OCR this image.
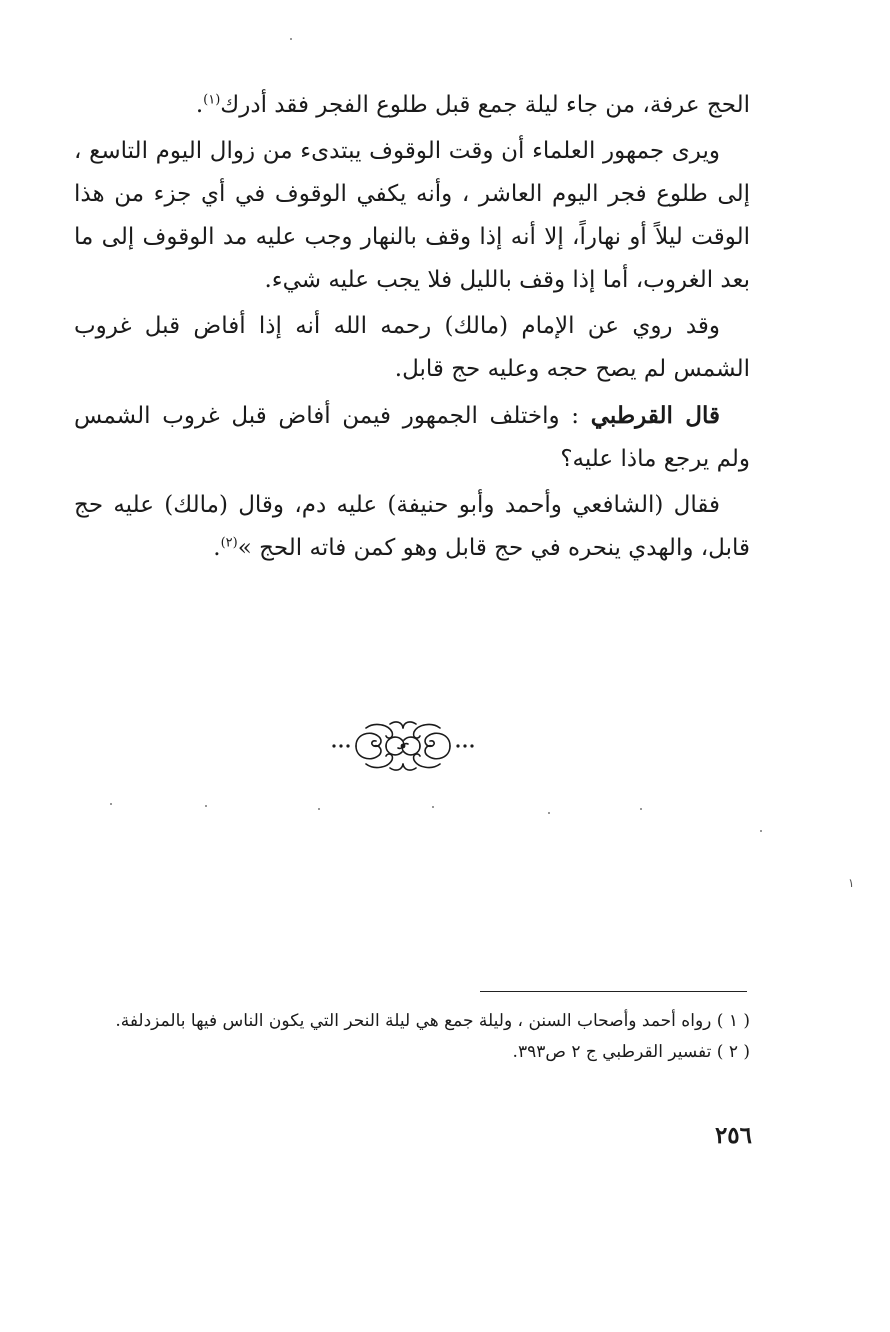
الحج عرفة، من جاء ليلة جمع قبل طلوع الفجر فقد أدرك$^{(١)}$.

ويرى جمهور العلماء أن وقت الوقوف يبتدىء من زوال اليوم التاسع ، إلى طلوع فجر اليوم العاشر ، وأنه يكفي الوقوف في أي جزء من هذا الوقت ليلاً أو نهاراً، إلا أنه إذا وقف بالنهار وجب عليه مد الوقوف إلى ما بعد الغروب، أما إذا وقف بالليل فلا يجب عليه شيء.

وقد روي عن الإمام (مالك) رحمه الله أنه إذا أفاض قبل غروب الشمس لم يصح حجه وعليه حج قابل.

قال القرطبي : واختلف الجمهور فيمن أفاض قبل غروب الشمس ولم يرجع ماذا عليه؟

فقال (الشافعي وأحمد وأبو حنيفة) عليه دم، وقال (مالك) عليه حج قابل، والهدي ينحره في حج قابل وهو كمن فاته الحج »$^{(٢)}$.

١

( ١ ) رواه أحمد وأصحاب السنن ، وليلة جمع هي ليلة النحر التي يكون الناس فيها بالمزدلفة.

( ٢ ) تفسير القرطبي ج ٢ ص٣٩٣.

٢٥٦
